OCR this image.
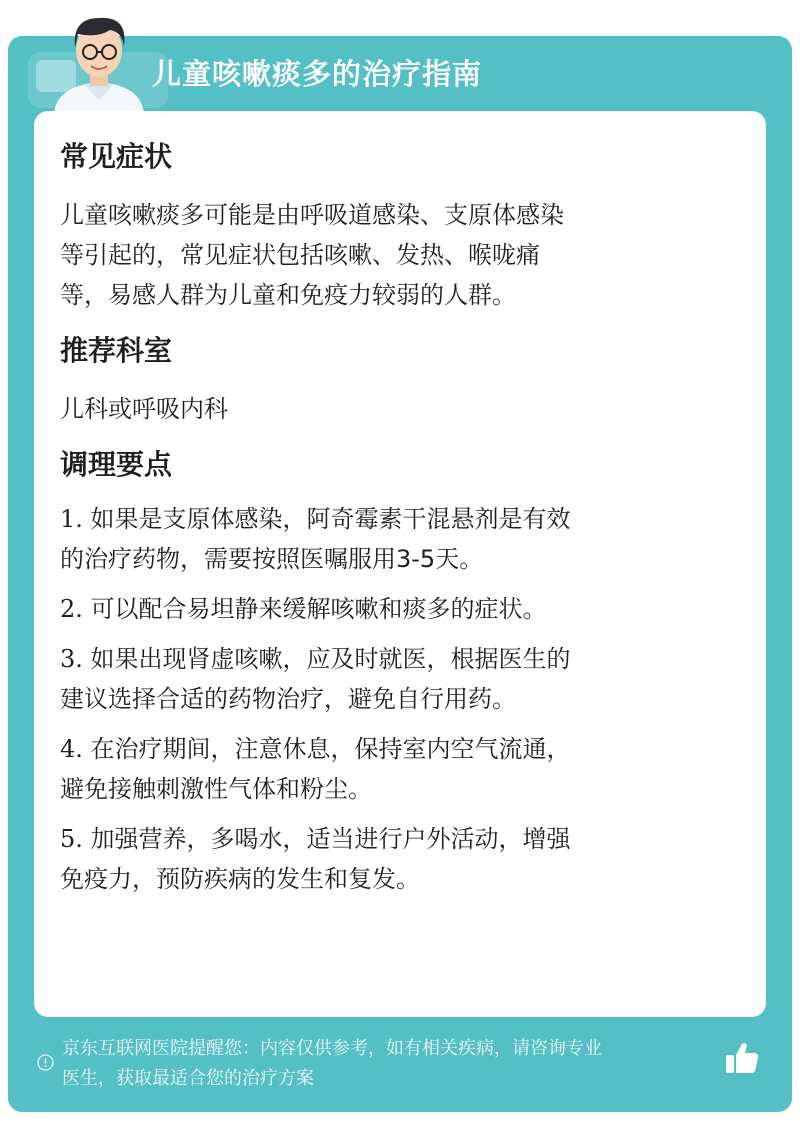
儿童咳嗽痰多的治疗指南
常见症状
儿童咳嗽痰多可能是由呼吸道感染、支原体感染
等引起的，常见症状包括咳嗽、发热、喉咙痛
等，易感人群为儿童和免疫力较弱的人群。
推荐科室
儿科或呼吸内科
调理要点
1. 如果是支原体感染，阿奇霉素干混悬剂是有效
的治疗药物，需要按照医嘱服用3-5天。
2. 可以配合易坦静来缓解咳嗽和痰多的症状。
3. 如果出现肾虚咳嗽，应及时就医，根据医生的
建议选择合适的药物治疗，避免自行用药。
4. 在治疗期间，注意休息，保持室内空气流通，
避免接触刺激性气体和粉尘。
5. 加强营养，多喝水，适当进行户外活动，增强
免疫力，预防疾病的发生和复发。
京东互联网医院提醒您：内容仅供参考，如有相关疾病，请咨询专业
医生，获取最适合您的治疗方案
